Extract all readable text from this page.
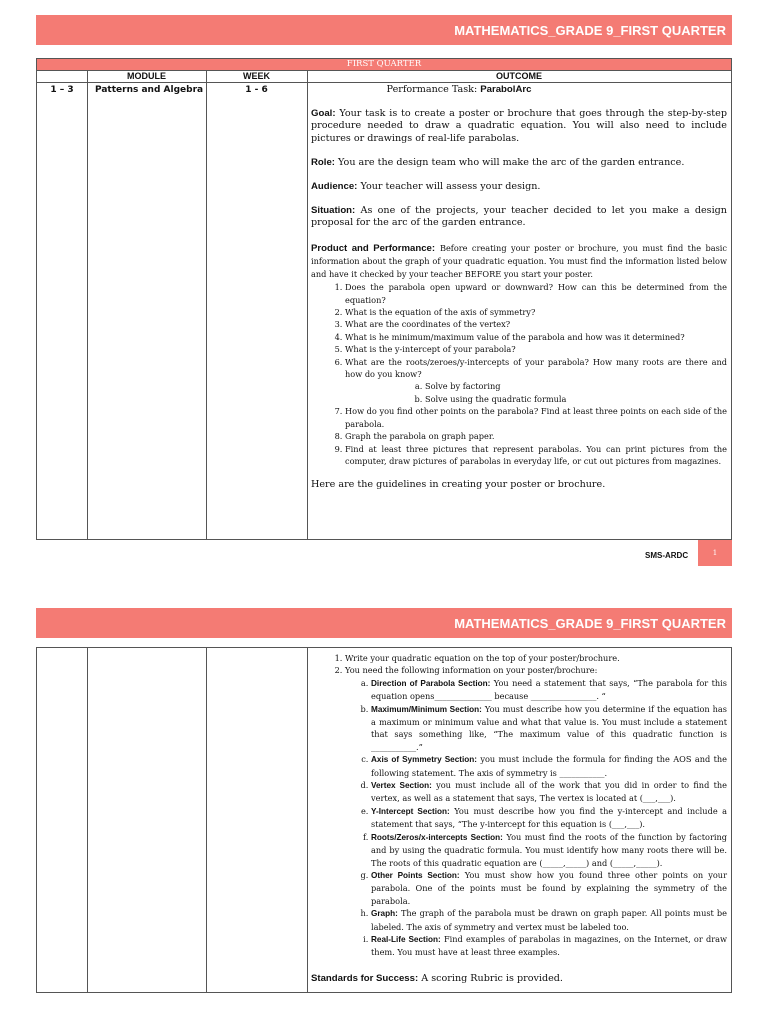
MATHEMATICS_GRADE 9_FIRST QUARTER
FIRST QUARTER
MODULE	WEEK	OUTCOME
1 – 3	Patterns and Algebra	1 - 6	Performance Task: ParabolArc

Goal: Your task is to create a poster or brochure that goes through the step-by-step procedure needed to draw a quadratic equation. You will also need to include pictures or drawings of real-life parabolas.

Role: You are the design team who will make the arc of the garden entrance.

Audience: Your teacher will assess your design.

Situation: As one of the projects, your teacher decided to let you make a design proposal for the arc of the garden entrance.

Product and Performance: Before creating your poster or brochure, you must find the basic information about the graph of your quadratic equation. You must find the information listed below and have it checked by your teacher BEFORE you start your poster.

1. Does the parabola open upward or downward? How can this be determined from the equation?
2. What is the equation of the axis of symmetry?
3. What are the coordinates of the vertex?
4. What is he minimum/maximum value of the parabola and how was it determined?
5. What is the y-intercept of your parabola?
6. What are the roots/zeroes/y-intercepts of your parabola? How many roots are there and how do you know?
a. Solve by factoring
b. Solve using the quadratic formula
7. How do you find other points on the parabola? Find at least three points on each side of the parabola.
8. Graph the parabola on graph paper.
9. Find at least three pictures that represent parabolas. You can print pictures from the computer, draw pictures of parabolas in everyday life, or cut out pictures from magazines.

Here are the guidelines in creating your poster or brochure.

SMS-ARDC	1
MATHEMATICS_GRADE 9_FIRST QUARTER
1. Write your quadratic equation on the top of your poster/brochure.
2. You need the following information on your poster/brochure:
a. Direction of Parabola Section: You need a statement that says, “The parabola for this equation opens______________ because ________________. “
b. Maximum/Minimum Section: You must describe how you determine if the equation has a maximum or minimum value and what that value is. You must include a statement that says something like, “The maximum value of this quadratic function is ___________.”
c. Axis of Symmetry Section: you must include the formula for finding the AOS and the following statement. The axis of symmetry is ___________.
d. Vertex Section: you must include all of the work that you did in order to find the vertex, as well as a statement that says, The vertex is located at (___,___).
e. Y-Intercept Section: You must describe how you find the y-intercept and include a statement that says, “The y-intercept for this equation is (___,___).
f. Roots/Zeros/x-intercepts Section: You must find the roots of the function by factoring and by using the quadratic formula. You must identify how many roots there will be. The roots of this quadratic equation are (_____,_____) and (_____,_____).
g. Other Points Section: You must show how you found three other points on your parabola. One of the points must be found by explaining the symmetry of the parabola.
h. Graph: The graph of the parabola must be drawn on graph paper. All points must be labeled. The axis of symmetry and vertex must be labeled too.
i. Real-Life Section: Find examples of parabolas in magazines, on the Internet, or draw them. You must have at least three examples.

Standards for Success: A scoring Rubric is provided.
